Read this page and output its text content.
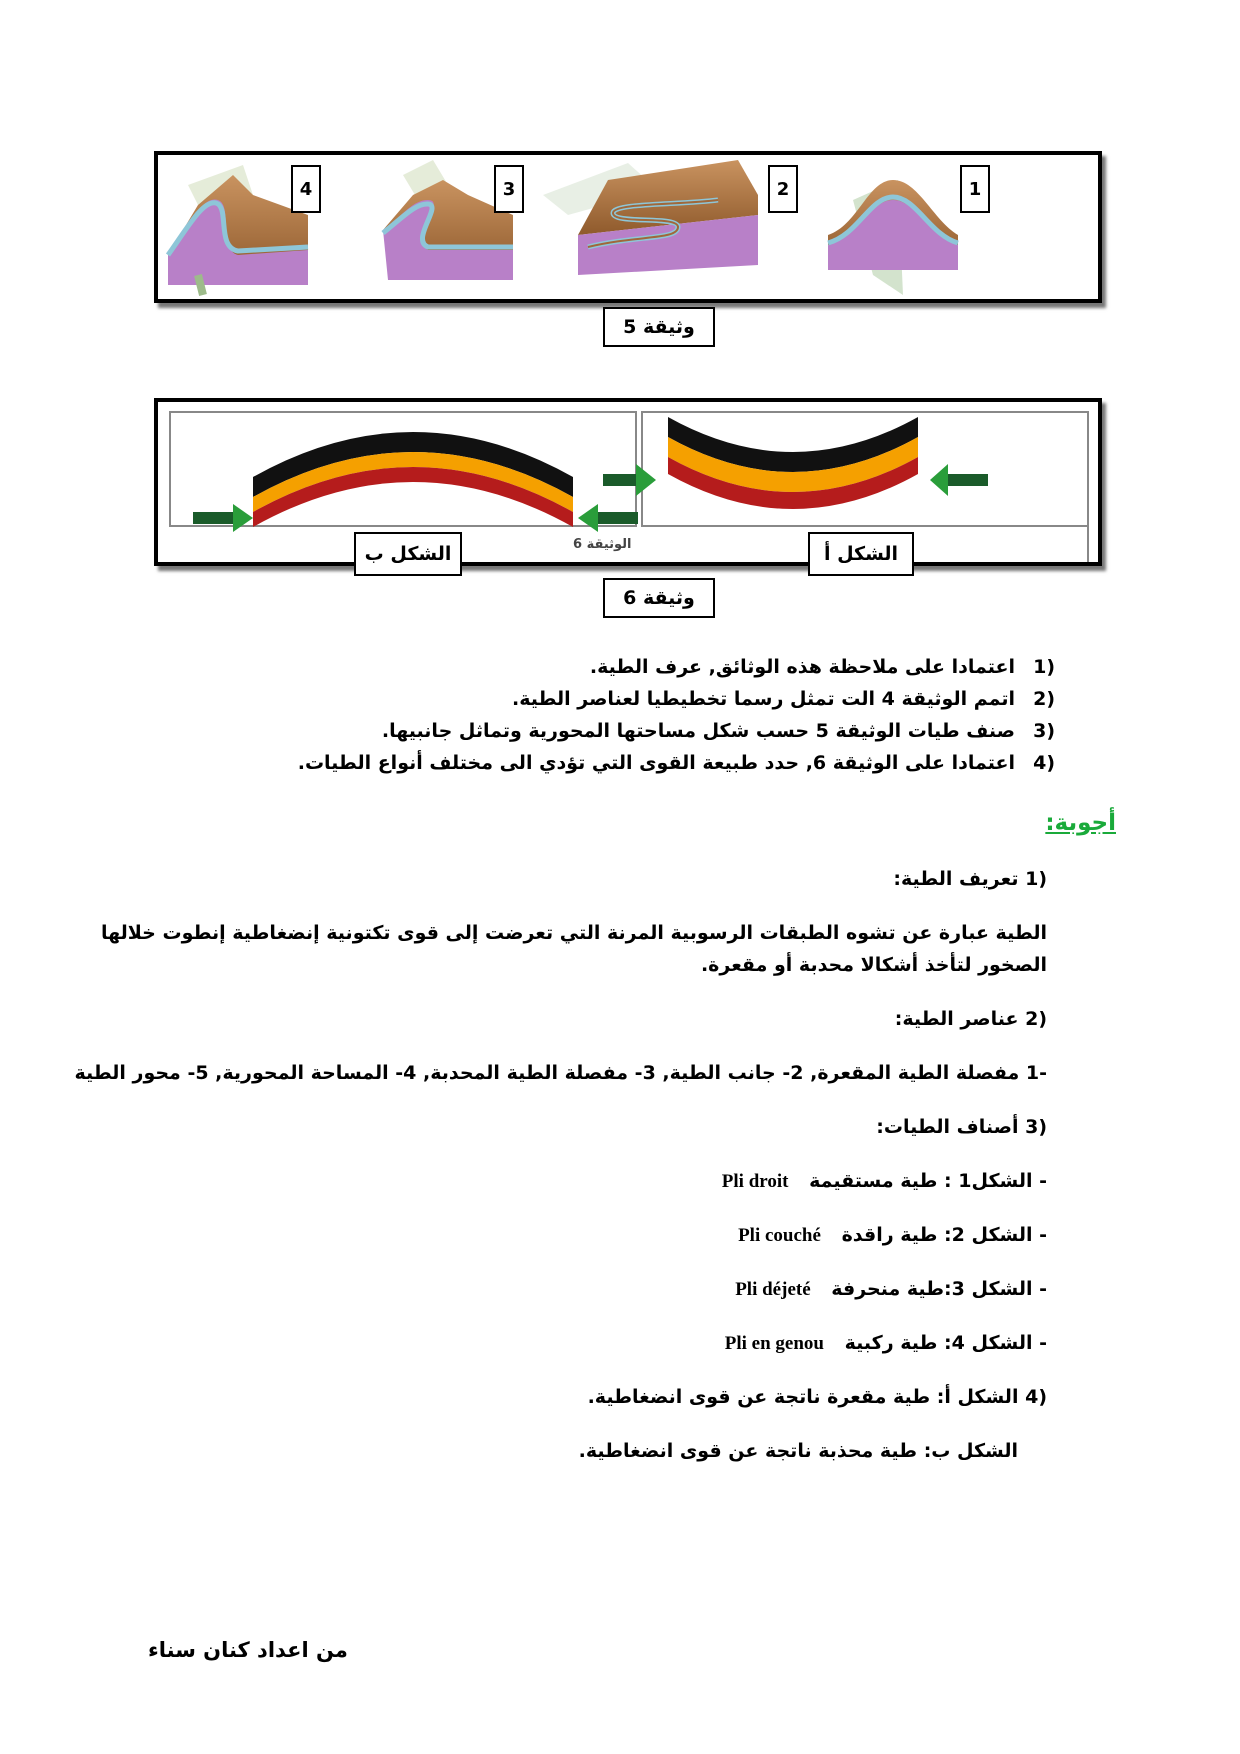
4	3	2	1
وثيقة 5
الشكل ب	الوثيقة 6	الشكل أ
وثيقة 6
(1اعتمادا على ملاحظة هذه الوثائق, عرف الطية.
(2اتمم الوثيقة 4 الت تمثل رسما تخطيطيا لعناصر الطية.
(3صنف طيات الوثيقة 5 حسب شكل مساحتها المحورية وتماثل جانبيها.
(4اعتمادا على الوثيقة 6, حدد طبيعة القوى التي تؤدي الى مختلف أنواع الطيات.
أجوبة:
(1 تعريف الطية:
الطية عبارة عن تشوه الطبقات الرسوبية المرنة التي تعرضت إلى قوى تكتونية إنضغاطية إنطوت خلالها
الصخور لتأخذ أشكالا محدبة أو مقعرة.
(2 عناصر الطية:
-1 مفصلة الطية المقعرة, 2- جانب الطية, 3- مفصلة الطية المحدبة, 4- المساحة المحورية, 5- محور الطية
(3 أصناف الطيات:
- الشكل1 : طية مستقيمة Pli droit
- الشكل 2: طية راقدة Pli couché
- الشكل 3:طية منحرفة Pli déjeté
- الشكل 4: طية ركبية Pli en genou
(4 الشكل أ: طية مقعرة ناتجة عن قوى انضغاطية.
الشكل ب: طية محذبة ناتجة عن قوى انضغاطية.
من اعداد كنان سناء
